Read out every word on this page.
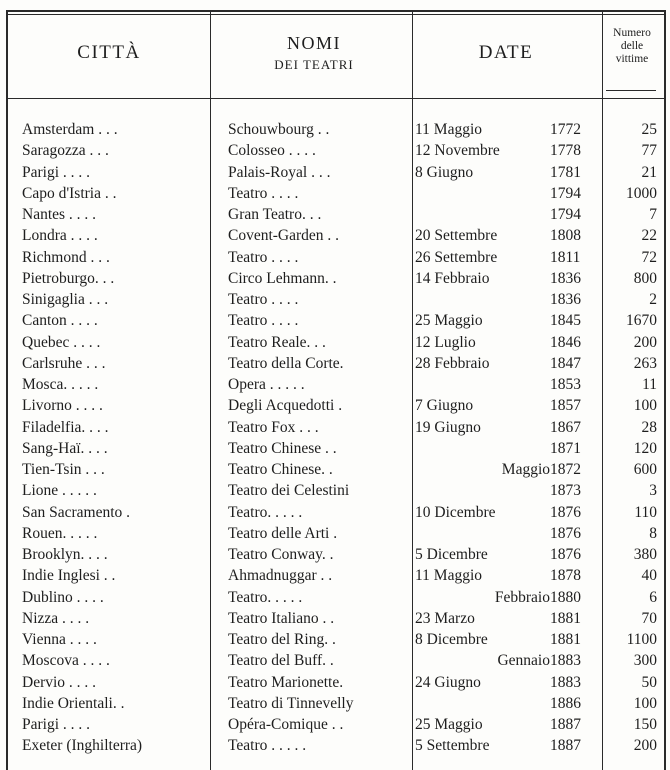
CITTÀ	NOMI
DEI TEATRI
DATE
Numero
delle
vittime
Amsterdam . . .	Schouwbourg . .	11 Maggio	1772	25
Saragozza . . .	Colosseo . . . .	12 Novembre	1778	77
Parigi . . . .	Palais-Royal . . .	8 Giugno	1781	21
Capo d'Istria . .	Teatro . . . .	1794	1000
Nantes . . . .	Gran Teatro. . .	1794	7
Londra . . . .	Covent-Garden . .	20 Settembre	1808	22
Richmond . . .	Teatro . . . .	26 Settembre	1811	72
Pietroburgo. . .	Circo Lehmann. .	14 Febbraio	1836	800
Sinigaglia . . .	Teatro . . . .	1836	2
Canton . . . .	Teatro . . . .	25 Maggio	1845	1670
Quebec . . . .	Teatro Reale. . .	12 Luglio	1846	200
Carlsruhe . . .	Teatro della Corte.	28 Febbraio	1847	263
Mosca. . . . .	Opera . . . . .	1853	11
Livorno . . . .	Degli Acquedotti .	7 Giugno	1857	100
Filadelfia. . . .	Teatro Fox . . .	19 Giugno	1867	28
Sang-Haï. . . .	Teatro Chinese . .	1871	120
Tien-Tsin . . .	Teatro Chinese. .	Maggio 1872	600
Lione . . . . .	Teatro dei Celestini	1873	3
San Sacramento .	Teatro. . . . .	10 Dicembre	1876	110
Rouen. . . . .	Teatro delle Arti .	1876	8
Brooklyn. . . .	Teatro Conway. .	5 Dicembre	1876	380
Indie Inglesi . .	Ahmadnuggar . .	11 Maggio	1878	40
Dublino . . . .	Teatro. . . . .	Febbraio 1880	6
Nizza . . . .	Teatro Italiano . .	23 Marzo	1881	70
Vienna . . . .	Teatro del Ring. .	8 Dicembre	1881	1100
Moscova . . . .	Teatro del Buff. .	Gennaio 1883	300
Dervio . . . .	Teatro Marionette.	24 Giugno	1883	50
Indie Orientali. .	Teatro di Tinnevelly	1886	100
Parigi . . . .	Opéra-Comique . .	25 Maggio	1887	150
Exeter (Inghilterra)	Teatro . . . . .	5 Settembre	1887	200
